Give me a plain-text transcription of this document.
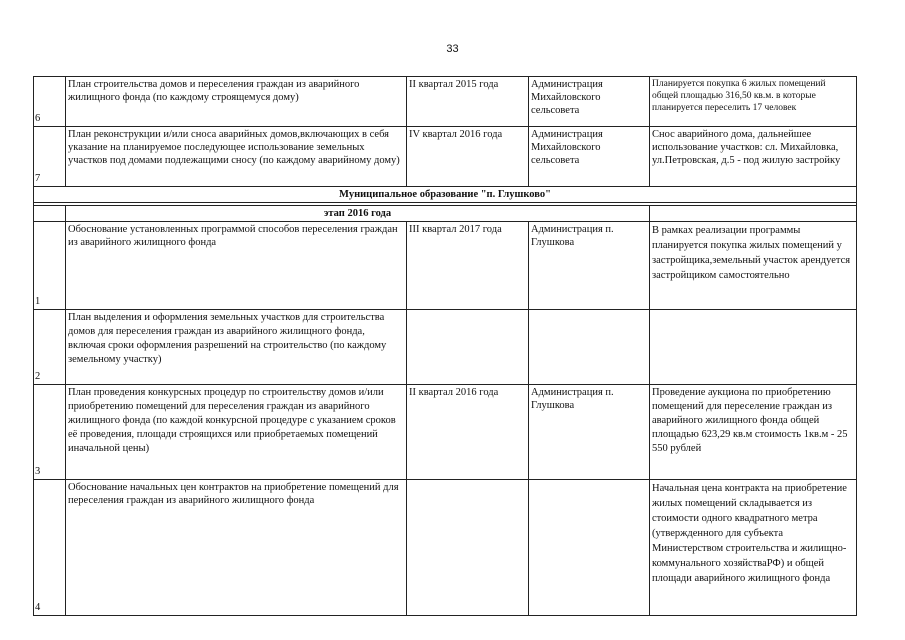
33
6	План строительства домов и переселения граждан из аварийного жилищного фонда (по каждому строящемуся дому)	II квартал 2015 года	Администрация Михайловского сельсовета	Планируется покупка 6 жилых помещений общей площадью 316,50 кв.м. в которые планируется переселить 17 человек
7	План реконструкции и/или сноса аварийных домов,включающих в себя указание на планируемое последующее использование земельных участков под домами подлежащими сносу (по каждому аварийному дому)	IV квартал 2016 года	Администрация Михайловского сельсовета	Снос аварийного дома, дальнейшее использование участков: сл. Михайловка, ул.Петровская, д.5 - под жилую застройку
Муниципальное образование "п. Глушково"				

	этап 2016 года			
1	Обоснование установленных программой способов переселения граждан из аварийного жилищного фонда	III квартал 2017 года	Администрация п. Глушкова	В рамках реализации программы планируется покупка жилых помещений у застройщика,земельный участок арендуется застройщиком самостоятельно
2	План выделения и оформления земельных участков для строительства домов для переселения граждан из аварийного жилищного фонда, включая сроки оформления разрешений на строительство (по каждому земельному участку)			
3	План проведения конкурсных процедур по строительству домов и/или приобретению помещений для переселения граждан из аварийного жилищного фонда (по каждой конкурсной процедуре с указанием сроков её проведения, площади строящихся или приобретаемых помещений иначальной цены)	II квартал 2016 года	Администрация п. Глушкова	Проведение аукциона по приобретению помещений для переселение граждан из аварийного жилищного фонда общей площадью 623,29 кв.м стоимость 1кв.м - 25 550 рублей
4	Обоснование начальных цен контрактов на приобретение помещений для переселения граждан из аварийного жилищного фонда			Начальная цена контракта на приобретение жилых помещений складывается из стоимости одного квадратного метра (утвержденного для субъекта Министерством строительства и жилищно-коммунального хозяйстваРФ) и общей площади аварийного жилищного фонда
